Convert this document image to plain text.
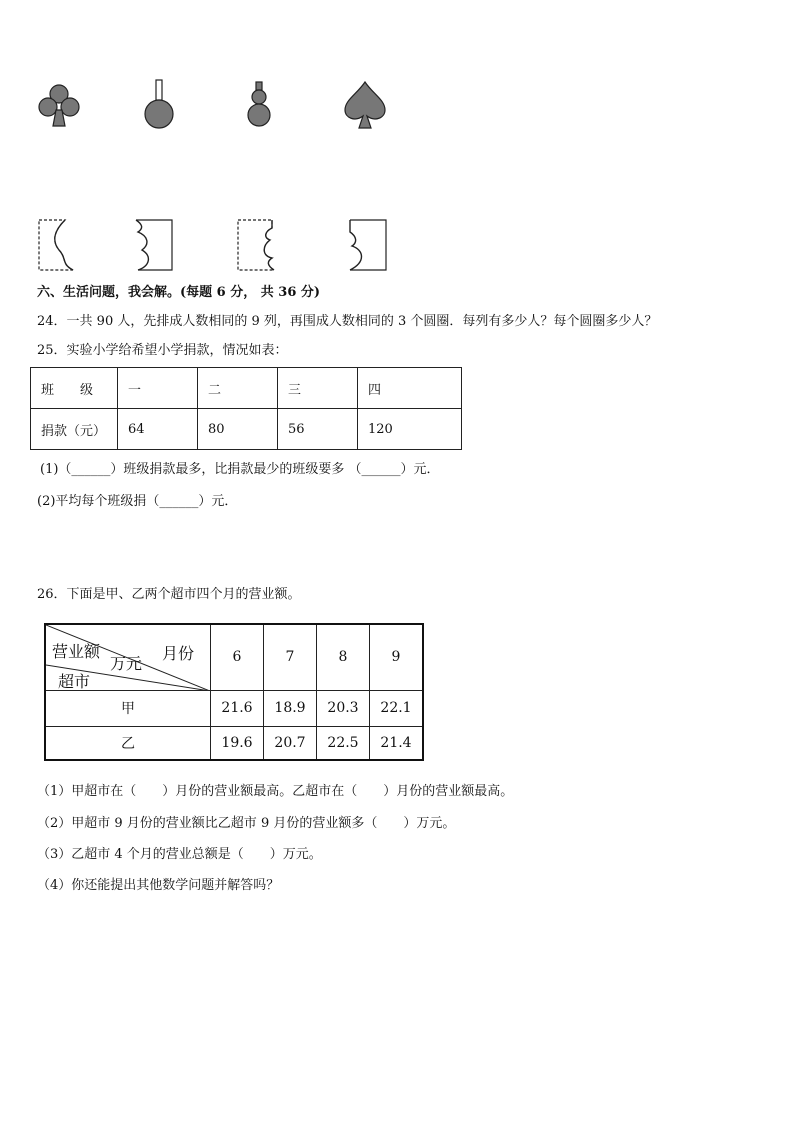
六、生活问题，我会解。(每题 6 分， 共 36 分)
24．一共 90 人，先排成人数相同的 9 列，再围成人数相同的 3 个圆圈．每列有多少人？每个圆圈多少人？
25．实验小学给希望小学捐款，情况如表：
班　　级	一	二	三	四
捐款（元）	64	80	56	120
(1)（______）班级捐款最多，比捐款最少的班级要多 （______）元．
(2)平均每个班级捐（______）元．
26．下面是甲、乙两个超市四个月的营业额。
营业额
万元
月份
超市	6	7	8	9
甲	21.6	18.9	20.3	22.1
乙	19.6	20.7	22.5	21.4
（1）甲超市在（　　）月份的营业额最高。乙超市在（　　）月份的营业额最高。
（2）甲超市 9 月份的营业额比乙超市 9 月份的营业额多（　　）万元。
（3）乙超市 4 个月的营业总额是（　　）万元。
（4）你还能提出其他数学问题并解答吗？
